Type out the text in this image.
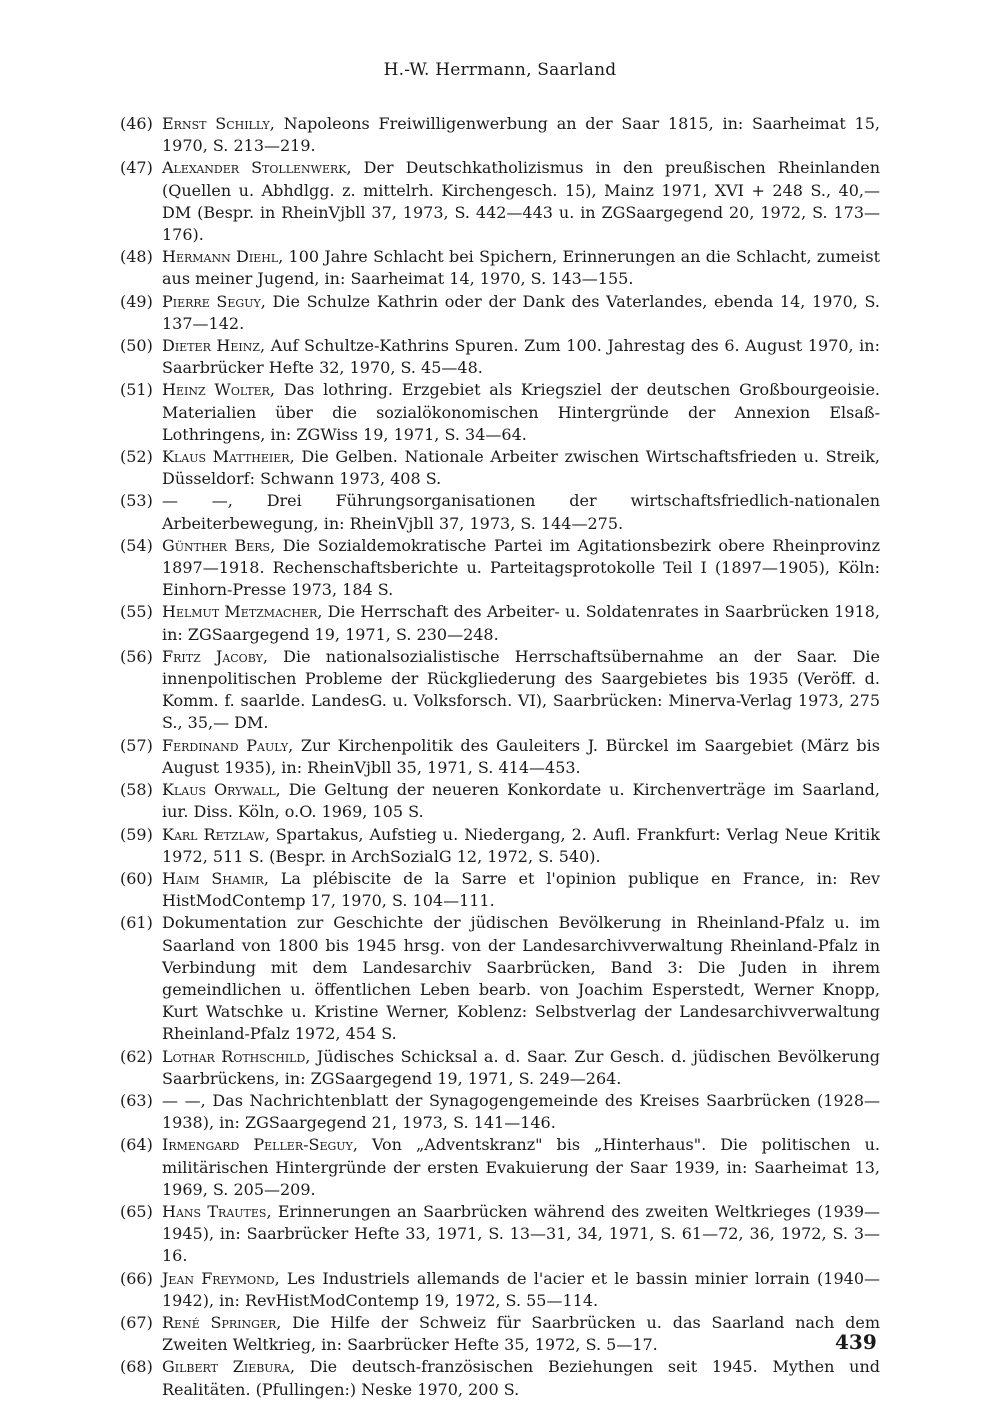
H.-W. Herrmann, Saarland
(46) Ernst Schilly, Napoleons Freiwilligenwerbung an der Saar 1815, in: Saarheimat 15, 1970, S. 213—219.
(47) Alexander Stollenwerk, Der Deutschkatholizismus in den preußischen Rheinlanden (Quellen u. Abhdlgg. z. mittelrh. Kirchengesch. 15), Mainz 1971, XVI + 248 S., 40,— DM (Bespr. in RheinVjbll 37, 1973, S. 442—443 u. in ZGSaargegend 20, 1972, S. 173—176).
(48) Hermann Diehl, 100 Jahre Schlacht bei Spichern, Erinnerungen an die Schlacht, zumeist aus meiner Jugend, in: Saarheimat 14, 1970, S. 143—155.
(49) Pierre Seguy, Die Schulze Kathrin oder der Dank des Vaterlandes, ebenda 14, 1970, S. 137—142.
(50) Dieter Heinz, Auf Schultze-Kathrins Spuren. Zum 100. Jahrestag des 6. August 1970, in: Saarbrücker Hefte 32, 1970, S. 45—48.
(51) Heinz Wolter, Das lothring. Erzgebiet als Kriegsziel der deutschen Großbourgeoisie. Materialien über die sozialökonomischen Hintergründe der Annexion Elsaß-Lothringens, in: ZGWiss 19, 1971, S. 34—64.
(52) Klaus Mattheier, Die Gelben. Nationale Arbeiter zwischen Wirtschaftsfrieden u. Streik, Düsseldorf: Schwann 1973, 408 S.
(53) — —, Drei Führungsorganisationen der wirtschaftsfriedlich-nationalen Arbeiterbewegung, in: RheinVjbll 37, 1973, S. 144—275.
(54) Günther Bers, Die Sozialdemokratische Partei im Agitationsbezirk obere Rheinprovinz 1897—1918. Rechenschaftsberichte u. Parteitagsprotokolle Teil I (1897—1905), Köln: Einhorn-Presse 1973, 184 S.
(55) Helmut Metzmacher, Die Herrschaft des Arbeiter- u. Soldatenrates in Saarbrücken 1918, in: ZGSaargegend 19, 1971, S. 230—248.
(56) Fritz Jacoby, Die nationalsozialistische Herrschaftsübernahme an der Saar. Die innenpolitischen Probleme der Rückgliederung des Saargebietes bis 1935 (Veröff. d. Komm. f. saarlde. LandesG. u. Volksforsch. VI), Saarbrücken: Minerva-Verlag 1973, 275 S., 35,— DM.
(57) Ferdinand Pauly, Zur Kirchenpolitik des Gauleiters J. Bürckel im Saargebiet (März bis August 1935), in: RheinVjbll 35, 1971, S. 414—453.
(58) Klaus Orywall, Die Geltung der neueren Konkordate u. Kirchenverträge im Saarland, iur. Diss. Köln, o.O. 1969, 105 S.
(59) Karl Retzlaw, Spartakus, Aufstieg u. Niedergang, 2. Aufl. Frankfurt: Verlag Neue Kritik 1972, 511 S. (Bespr. in ArchSozialG 12, 1972, S. 540).
(60) Haim Shamir, La plébiscite de la Sarre et l'opinion publique en France, in: Rev HistModContemp 17, 1970, S. 104—111.
(61) Dokumentation zur Geschichte der jüdischen Bevölkerung in Rheinland-Pfalz u. im Saarland von 1800 bis 1945 hrsg. von der Landesarchivverwaltung Rheinland-Pfalz in Verbindung mit dem Landesarchiv Saarbrücken, Band 3: Die Juden in ihrem gemeindlichen u. öffentlichen Leben bearb. von Joachim Esperstedt, Werner Knopp, Kurt Watschke u. Kristine Werner, Koblenz: Selbstverlag der Landesarchivverwaltung Rheinland-Pfalz 1972, 454 S.
(62) Lothar Rothschild, Jüdisches Schicksal a. d. Saar. Zur Gesch. d. jüdischen Bevölkerung Saarbrückens, in: ZGSaargegend 19, 1971, S. 249—264.
(63) — —, Das Nachrichtenblatt der Synagogengemeinde des Kreises Saarbrücken (1928—1938), in: ZGSaargegend 21, 1973, S. 141—146.
(64) Irmengard Peller-Seguy, Von „Adventskranz" bis „Hinterhaus". Die politischen u. militärischen Hintergründe der ersten Evakuierung der Saar 1939, in: Saarheimat 13, 1969, S. 205—209.
(65) Hans Trautes, Erinnerungen an Saarbrücken während des zweiten Weltkrieges (1939—1945), in: Saarbrücker Hefte 33, 1971, S. 13—31, 34, 1971, S. 61—72, 36, 1972, S. 3—16.
(66) Jean Freymond, Les Industriels allemands de l'acier et le bassin minier lorrain (1940—1942), in: RevHistModContemp 19, 1972, S. 55—114.
(67) René Springer, Die Hilfe der Schweiz für Saarbrücken u. das Saarland nach dem Zweiten Weltkrieg, in: Saarbrücker Hefte 35, 1972, S. 5—17.
(68) Gilbert Ziebura, Die deutsch-französischen Beziehungen seit 1945. Mythen und Realitäten. (Pfullingen:) Neske 1970, 200 S.
439
